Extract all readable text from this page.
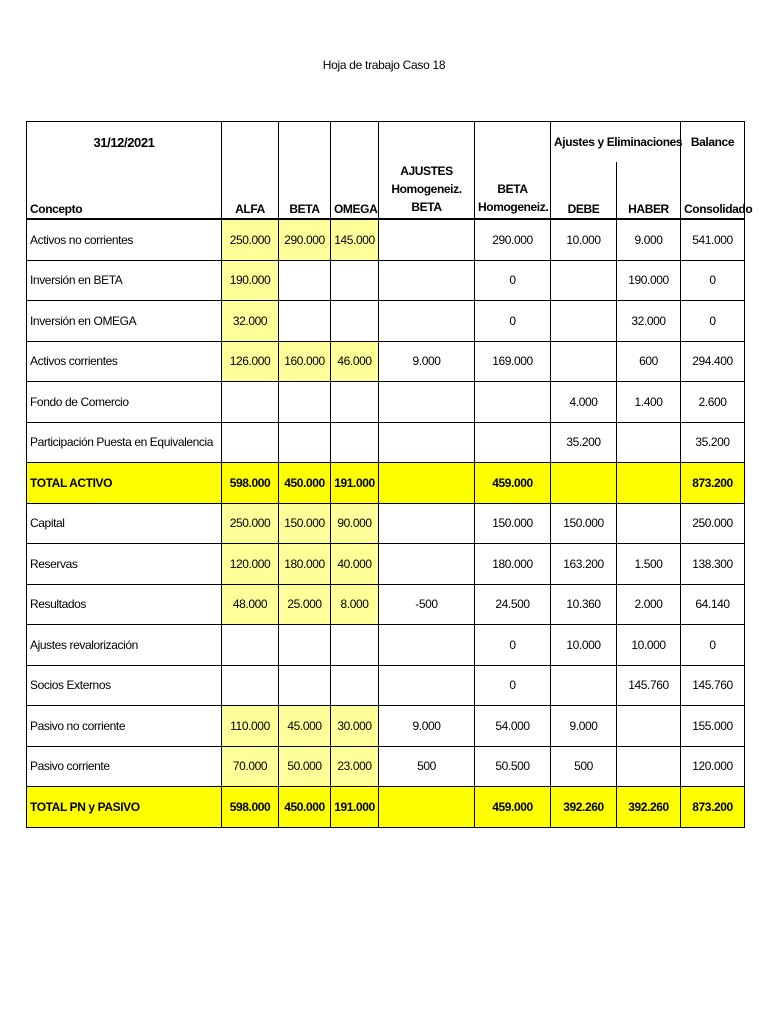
Hoja de trabajo Caso 18
31/12/2021						Ajustes y Eliminaciones		Balance
Concepto	ALFA	BETA	OMEGA	AJUSTES Homogeneiz. BETA	BETA Homogeneiz.	DEBE	HABER	Consolidado
Activos no corrientes	250.000	290.000	145.000		290.000	10.000	9.000	541.000
Inversión en BETA	190.000				0		190.000	0
Inversión en OMEGA	32.000				0		32.000	0
Activos corrientes	126.000	160.000	46.000	9.000	169.000		600	294.400
Fondo de Comercio						4.000	1.400	2.600
Participación Puesta en Equivalencia						35.200		35.200
TOTAL ACTIVO	598.000	450.000	191.000		459.000			873.200
Capital	250.000	150.000	90.000		150.000	150.000		250.000
Reservas	120.000	180.000	40.000		180.000	163.200	1.500	138.300
Resultados	48.000	25.000	8.000	-500	24.500	10.360	2.000	64.140
Ajustes revalorización					0	10.000	10.000	0
Socios Externos					0		145.760	145.760
Pasivo no corriente	110.000	45.000	30.000	9.000	54.000	9.000		155.000
Pasivo corriente	70.000	50.000	23.000	500	50.500	500		120.000
TOTAL PN y PASIVO	598.000	450.000	191.000		459.000	392.260	392.260	873.200
